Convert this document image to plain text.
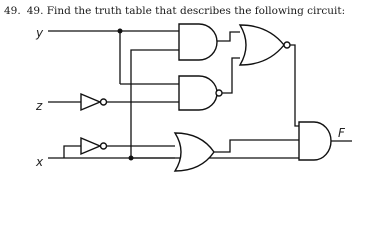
49. 49. Find the truth table that describes the following circuit:
y
z
x
F
